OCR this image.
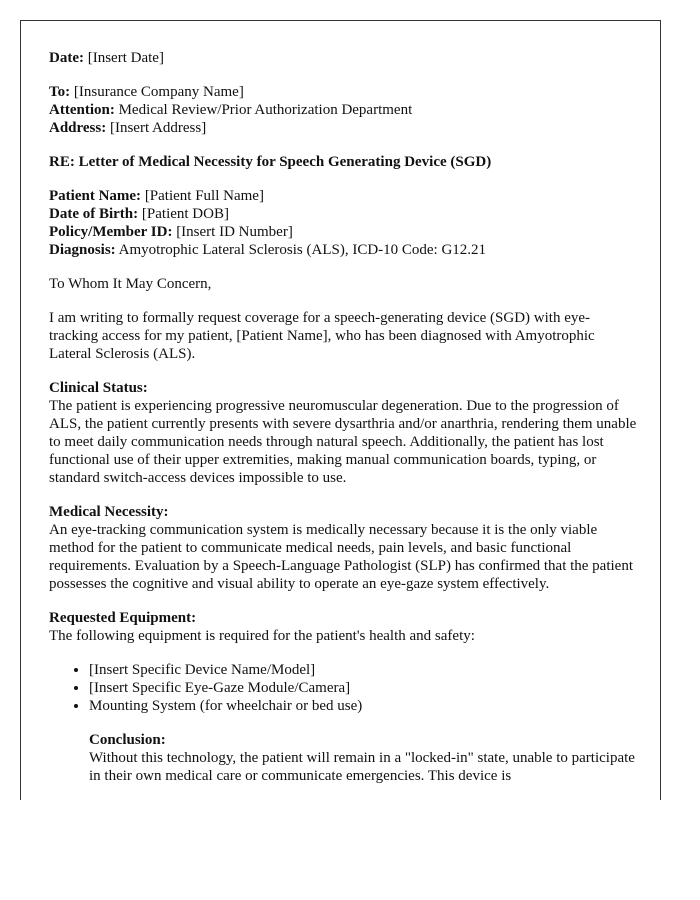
Date: [Insert Date]

To: [Insurance Company Name]
Attention: Medical Review/Prior Authorization Department
Address: [Insert Address]

RE: Letter of Medical Necessity for Speech Generating Device (SGD)

Patient Name: [Patient Full Name]
Date of Birth: [Patient DOB]
Policy/Member ID: [Insert ID Number]
Diagnosis: Amyotrophic Lateral Sclerosis (ALS), ICD-10 Code: G12.21

To Whom It May Concern,

I am writing to formally request coverage for a speech-generating device (SGD) with eye-tracking access for my patient, [Patient Name], who has been diagnosed with Amyotrophic Lateral Sclerosis (ALS).

Clinical Status:
The patient is experiencing progressive neuromuscular degeneration. Due to the progression of ALS, the patient currently presents with severe dysarthria and/or anarthria, rendering them unable to meet daily communication needs through natural speech. Additionally, the patient has lost functional use of their upper extremities, making manual communication boards, typing, or standard switch-access devices impossible to use.

Medical Necessity:
An eye-tracking communication system is medically necessary because it is the only viable method for the patient to communicate medical needs, pain levels, and basic functional requirements. Evaluation by a Speech-Language Pathologist (SLP) has confirmed that the patient possesses the cognitive and visual ability to operate an eye-gaze system effectively.

Requested Equipment:
The following equipment is required for the patient's health and safety:

• [Insert Specific Device Name/Model]
• [Insert Specific Eye-Gaze Module/Camera]
• Mounting System (for wheelchair or bed use)

Conclusion:
Without this technology, the patient will remain in a "locked-in" state, unable to participate in their own medical care or communicate emergencies. This device is
